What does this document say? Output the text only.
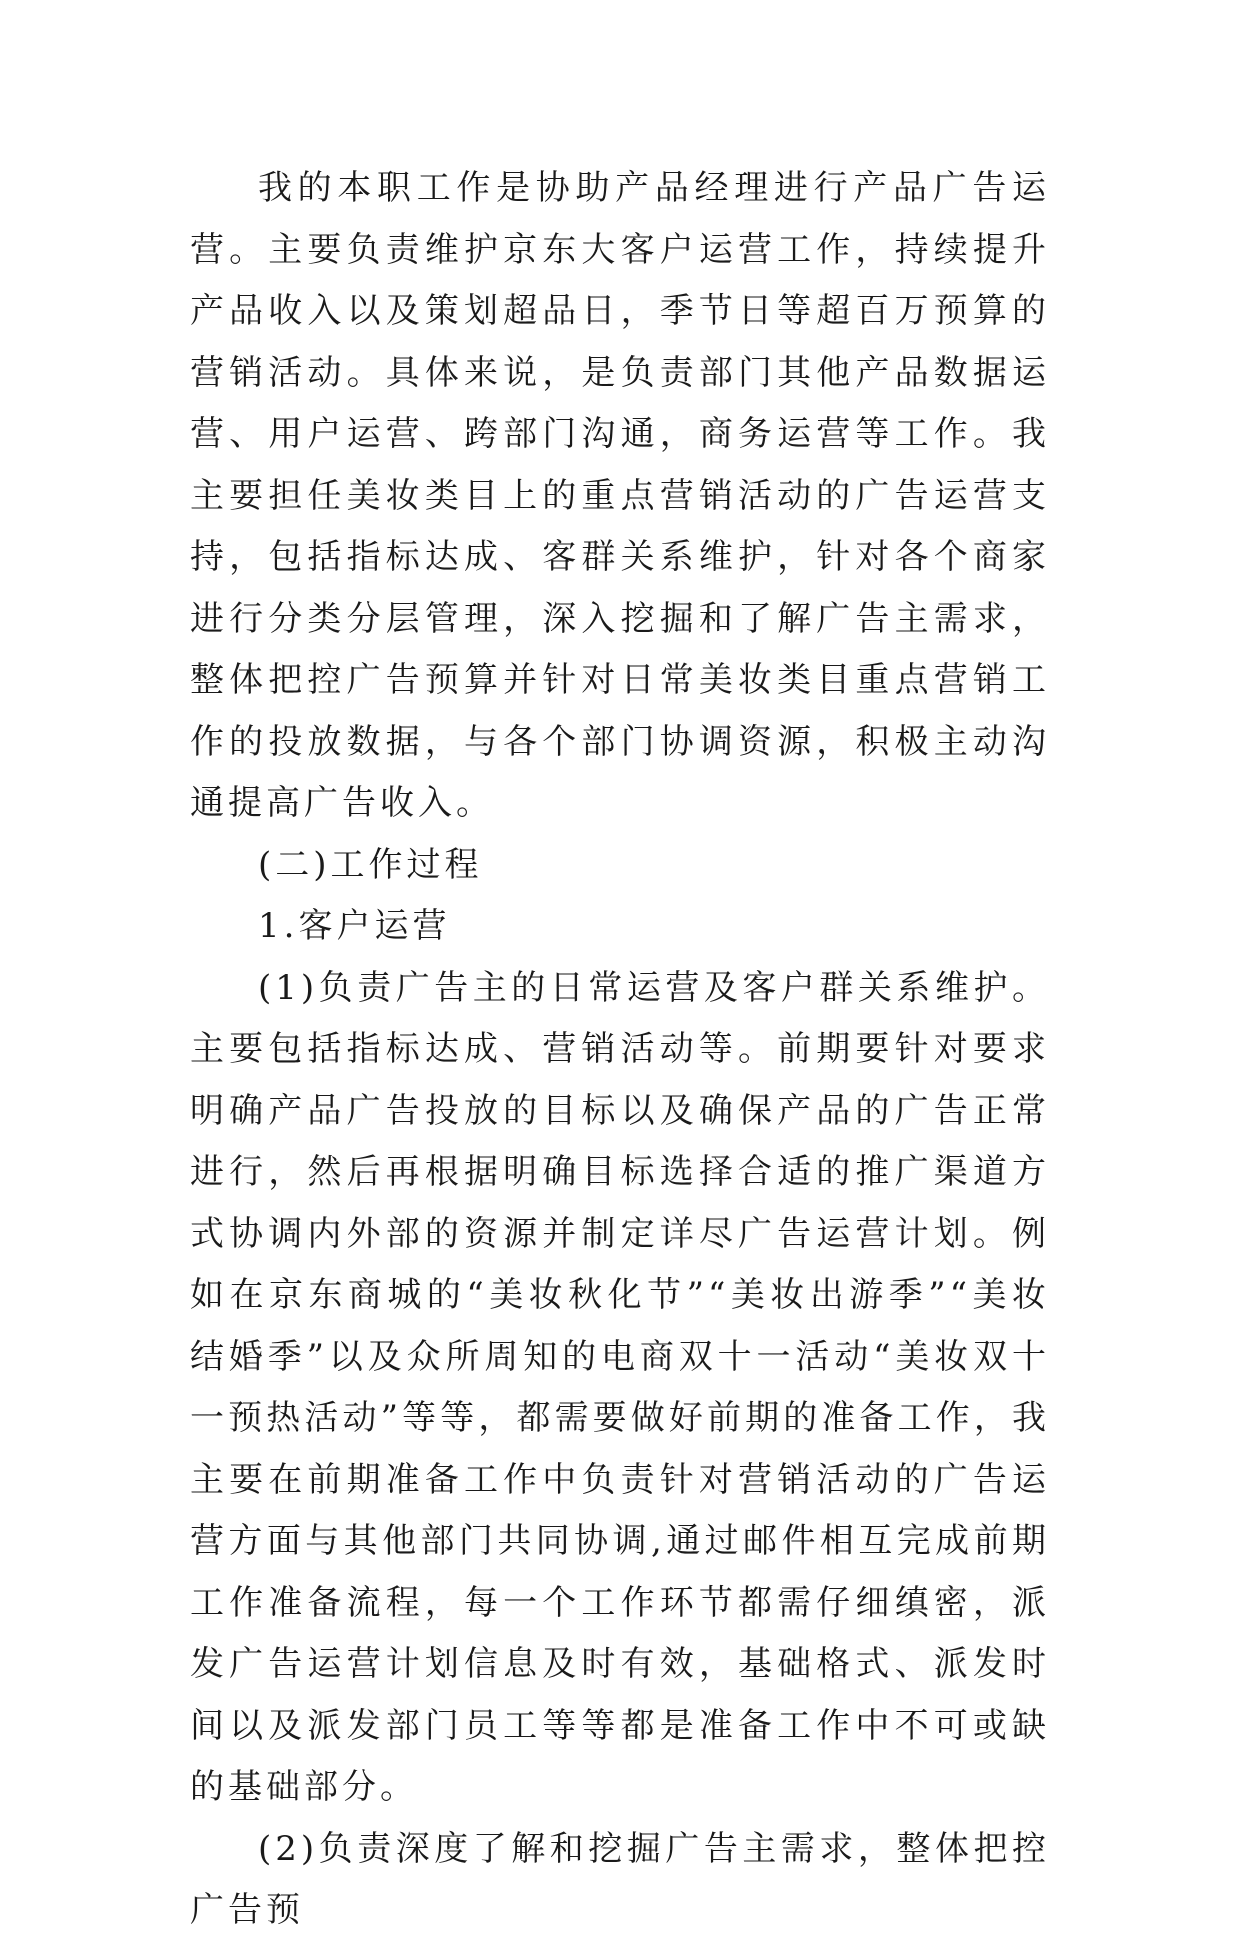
我的本职工作是协助产品经理进行产品广告运营。主要负责维护京东大客户运营工作，持续提升产品收入以及策划超品日，季节日等超百万预算的营销活动。具体来说，是负责部门其他产品数据运营、用户运营、跨部门沟通，商务运营等工作。我主要担任美妆类目上的重点营销活动的广告运营支持，包括指标达成、客群关系维护，针对各个商家进行分类分层管理，深入挖掘和了解广告主需求，整体把控广告预算并针对日常美妆类目重点营销工作的投放数据，与各个部门协调资源，积极主动沟通提高广告收入。

(二)工作过程

1.客户运营

(1)负责广告主的日常运营及客户群关系维护。主要包括指标达成、营销活动等。前期要针对要求明确产品广告投放的目标以及确保产品的广告正常进行，然后再根据明确目标选择合适的推广渠道方式协调内外部的资源并制定详尽广告运营计划。例如在京东商城的“美妆秋化节”“美妆出游季”“美妆结婚季”以及众所周知的电商双十一活动“美妆双十一预热活动”等等，都需要做好前期的准备工作，我主要在前期准备工作中负责针对营销活动的广告运营方面与其他部门共同协调,通过邮件相互完成前期工作准备流程，每一个工作环节都需仔细缜密，派发广告运营计划信息及时有效，基础格式、派发时间以及派发部门员工等等都是准备工作中不可或缺的基础部分。

(2)负责深度了解和挖掘广告主需求，整体把控广告预
